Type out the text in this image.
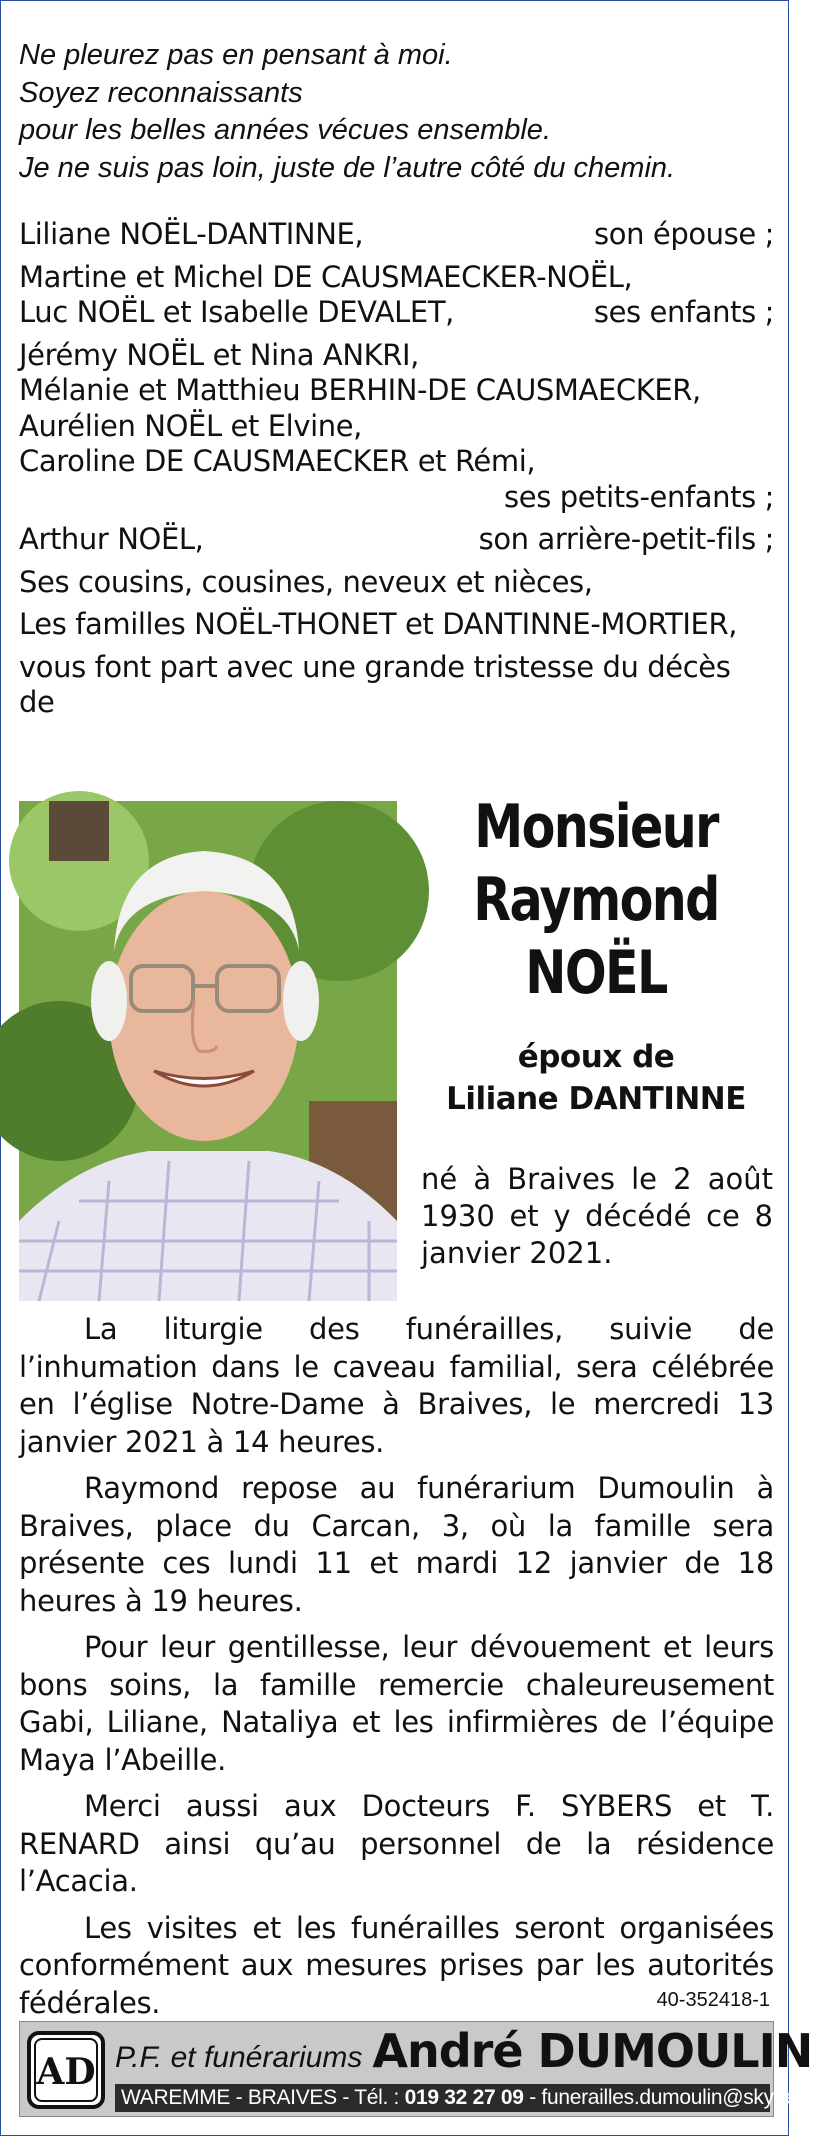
Ne pleurez pas en pensant à moi.
Soyez reconnaissants
pour les belles années vécues ensemble.
Je ne suis pas loin, juste de l’autre côté du chemin.
Liliane NOËL-DANTINNE,	son épouse ;
Martine et Michel DE CAUSMAECKER-NOËL,
Luc NOËL et Isabelle DEVALET,	ses enfants ;
Jérémy NOËL et Nina ANKRI,
Mélanie et Matthieu BERHIN-DE CAUSMAECKER,
Aurélien NOËL et Elvine,
Caroline DE CAUSMAECKER et Rémi,
ses petits-enfants ;
Arthur NOËL,	son arrière-petit-fils ;
Ses cousins, cousines, neveux et nièces,
Les familles NOËL-THONET et DANTINNE-MORTIER,
vous font part avec une grande tristesse du décès
de
Monsieur
Raymond
NOËL
époux de
Liliane DANTINNE
né à Braives le 2 août 1930 et y décédé ce 8 janvier 2021.

La liturgie des funérailles, suivie de l’inhumation dans le caveau familial, sera célébrée en l’église Notre-Dame à Braives, le mercredi 13 janvier 2021 à 14 heures.

Raymond repose au funérarium Dumoulin à Braives, place du Carcan, 3, où la famille sera présente ces lundi 11 et mardi 12 janvier de 18 heures à 19 heures.

Pour leur gentillesse, leur dévouement et leurs bons soins, la famille remercie chaleureusement Gabi, Liliane, Nataliya et les infirmières de l’équipe Maya l’Abeille.

Merci aussi aux Docteurs F. SYBERS et T. RENARD ainsi qu’au personnel de la résidence l’Acacia.

Les visites et les funérailles seront organisées conformément aux mesures prises par les autorités fédérales.	40-352418-1
AD P.F. et funérariums André DUMOULIN
WAREMME - BRAIVES - Tél. : 019 32 27 09 - funerailles.dumoulin@skynet.be
